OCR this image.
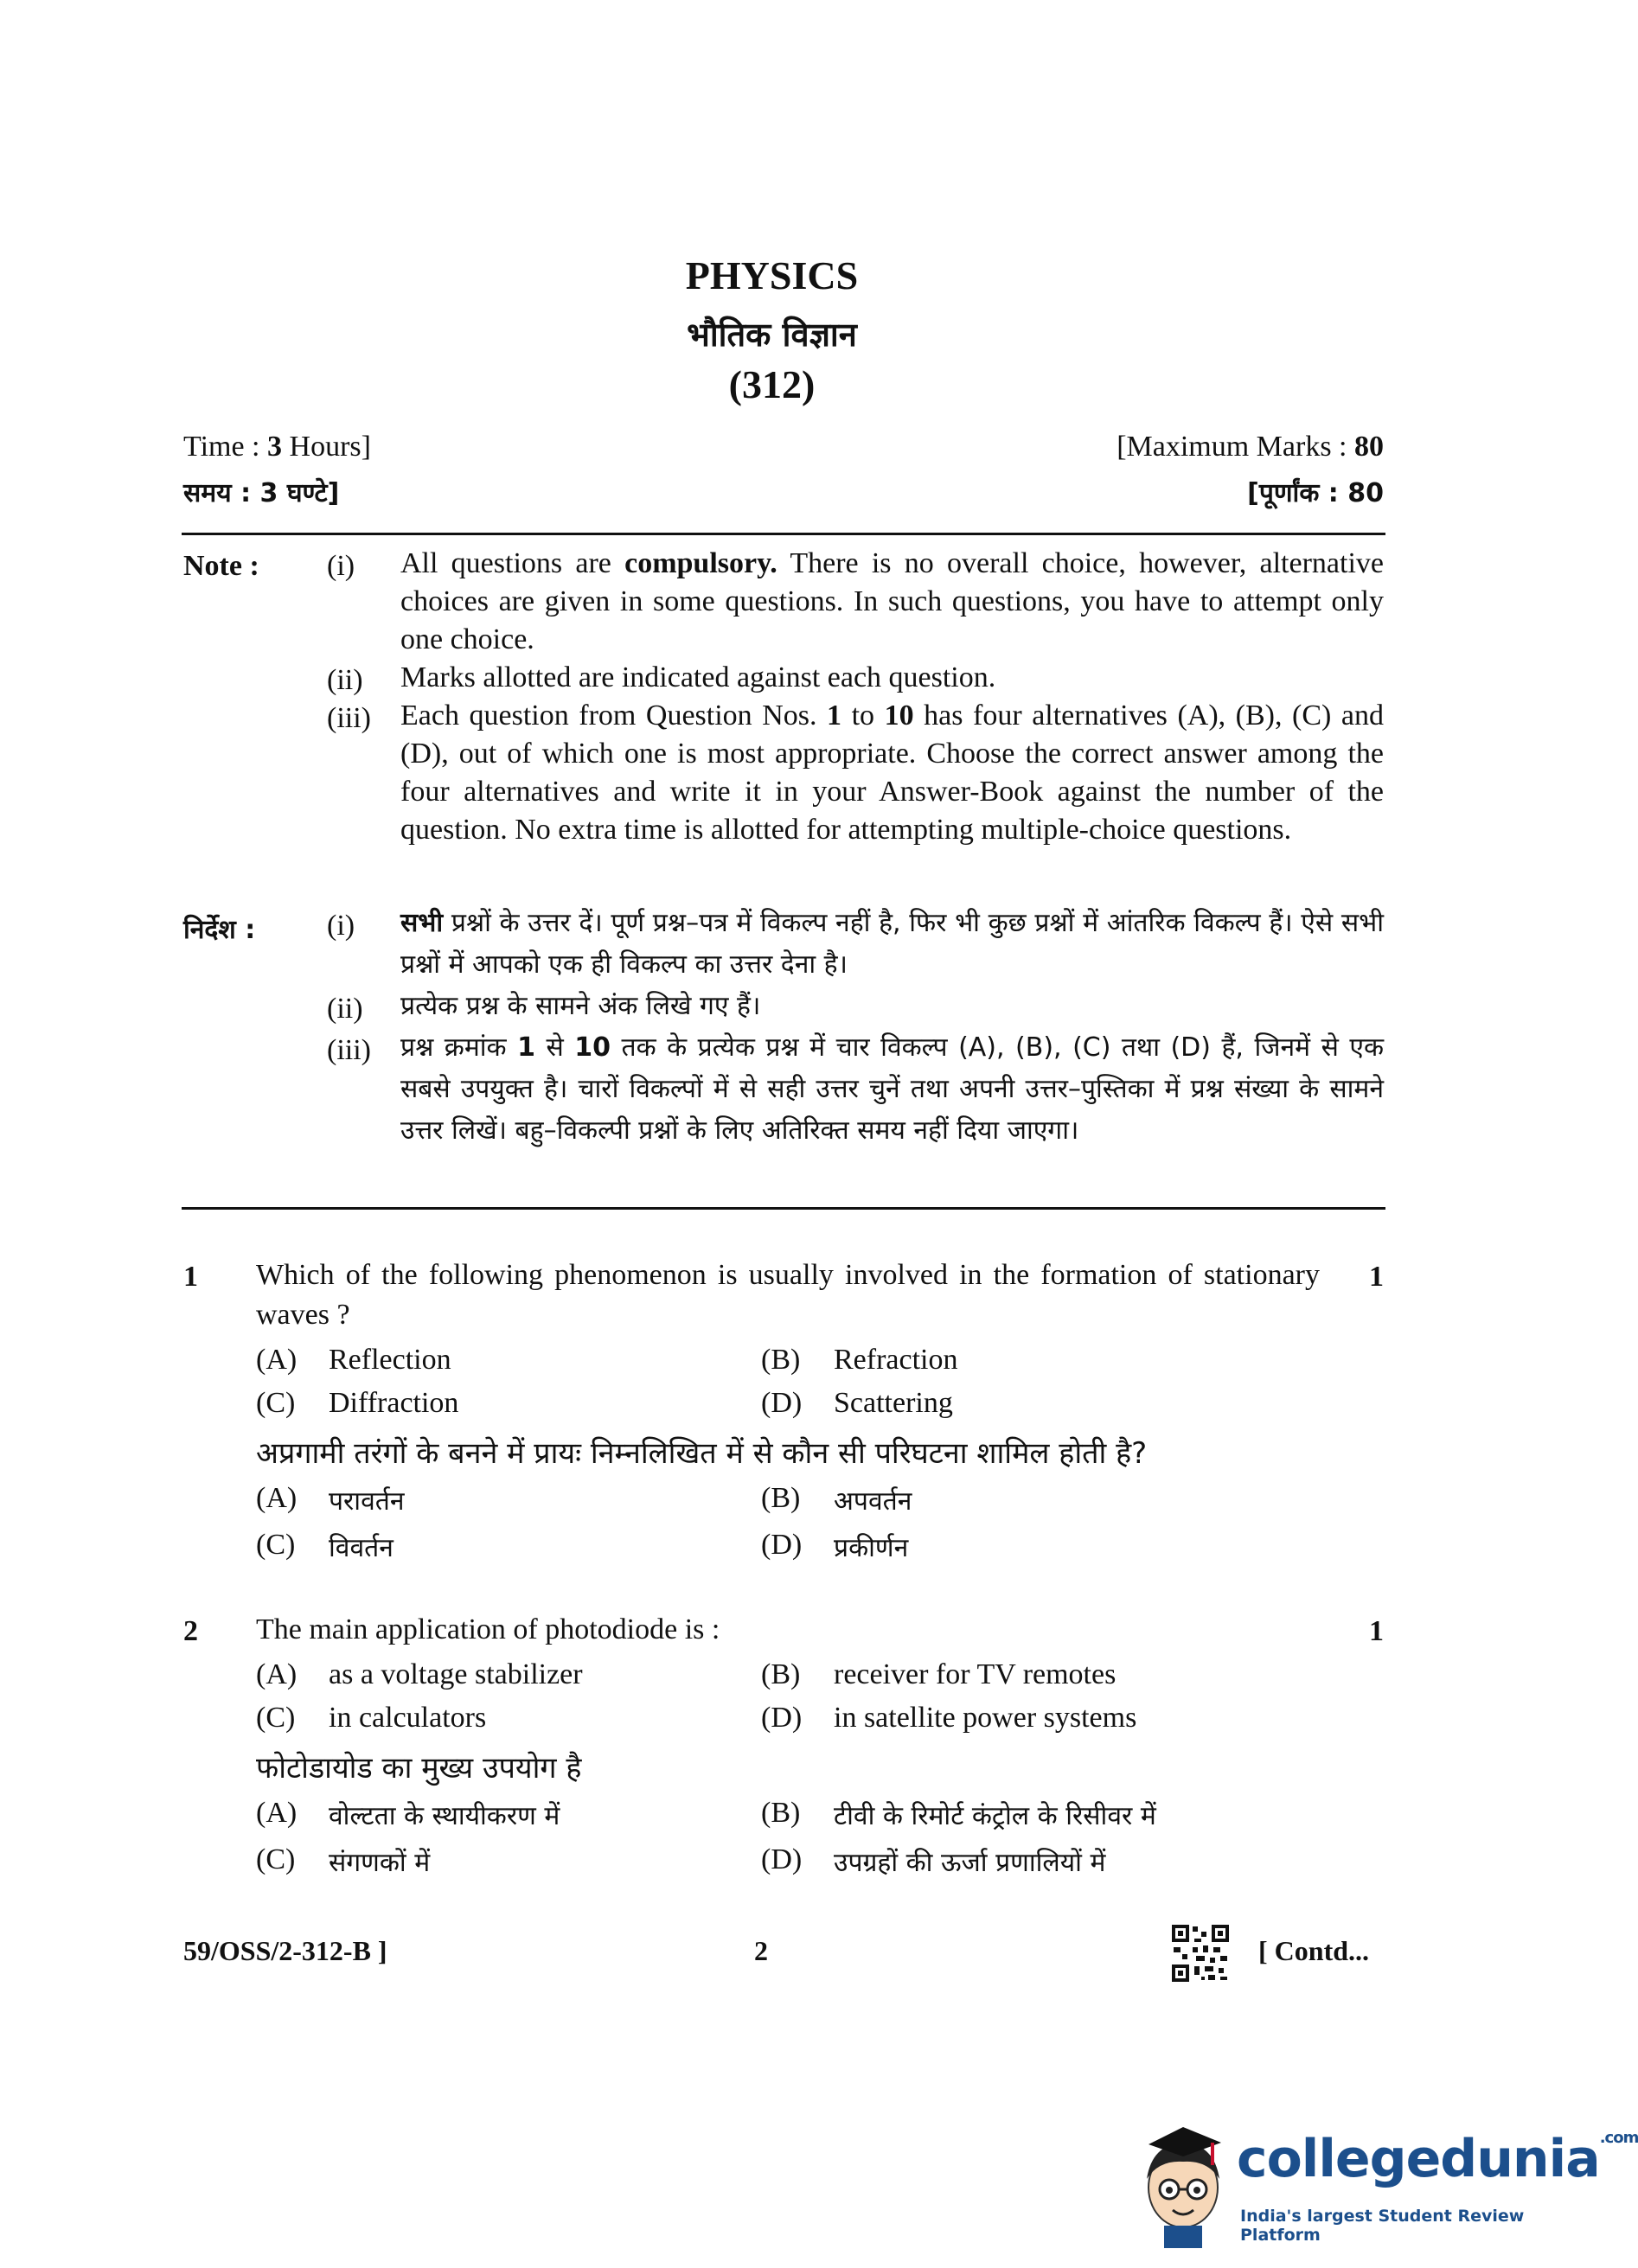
PHYSICS
भौतिक विज्ञान
(312)
Time : 3 Hours]	[Maximum Marks : 80
समय : 3 घण्टे]	[पूर्णांक : 80
Note : (i) All questions are compulsory. There is no overall choice, however, alternative choices are given in some questions. In such questions, you have to attempt only one choice.
(ii) Marks allotted are indicated against each question.
(iii) Each question from Question Nos. 1 to 10 has four alternatives (A), (B), (C) and (D), out of which one is most appropriate. Choose the correct answer among the four alternatives and write it in your Answer-Book against the number of the question. No extra time is allotted for attempting multiple-choice questions.
निर्देश : (i) सभी प्रश्नों के उत्तर दें। पूर्ण प्रश्न–पत्र में विकल्प नहीं है, फिर भी कुछ प्रश्नों में आंतरिक विकल्प हैं। ऐसे सभी प्रश्नों में आपको एक ही विकल्प का उत्तर देना है।
(ii) प्रत्येक प्रश्न के सामने अंक लिखे गए हैं।
(iii) प्रश्न क्रमांक 1 से 10 तक के प्रत्येक प्रश्न में चार विकल्प (A), (B), (C) तथा (D) हैं, जिनमें से एक सबसे उपयुक्त है। चारों विकल्पों में से सही उत्तर चुनें तथा अपनी उत्तर–पुस्तिका में प्रश्न संख्या के सामने उत्तर लिखें। बहु–विकल्पी प्रश्नों के लिए अतिरिक्त समय नहीं दिया जाएगा।
1 Which of the following phenomenon is usually involved in the formation of stationary waves ?
1
(A)	Reflection	(B)	Refraction
(C)	Diffraction	(D)	Scattering
अप्रगामी तरंगों के बनने में प्रायः निम्नलिखित में से कौन सी परिघटना शामिल होती है?
(A)	परावर्तन	(B)	अपवर्तन
(C)	विवर्तन	(D)	प्रकीर्णन
2 The main application of photodiode is :	1
(A)	as a voltage stabilizer	(B)	receiver for TV remotes
(C)	in calculators	(D)	in satellite power systems
फोटोडायोड का मुख्य उपयोग है
(A)	वोल्टता के स्थायीकरण में	(B)	टीवी के रिमोर्ट कंट्रोल के रिसीवर में
(C)	संगणकों में	(D)	उपग्रहों की ऊर्जा प्रणालियों में
59/OSS/2-312-B ]	2	[ Contd...
collegedunia$^{.com}$
India's largest Student Review Platform
